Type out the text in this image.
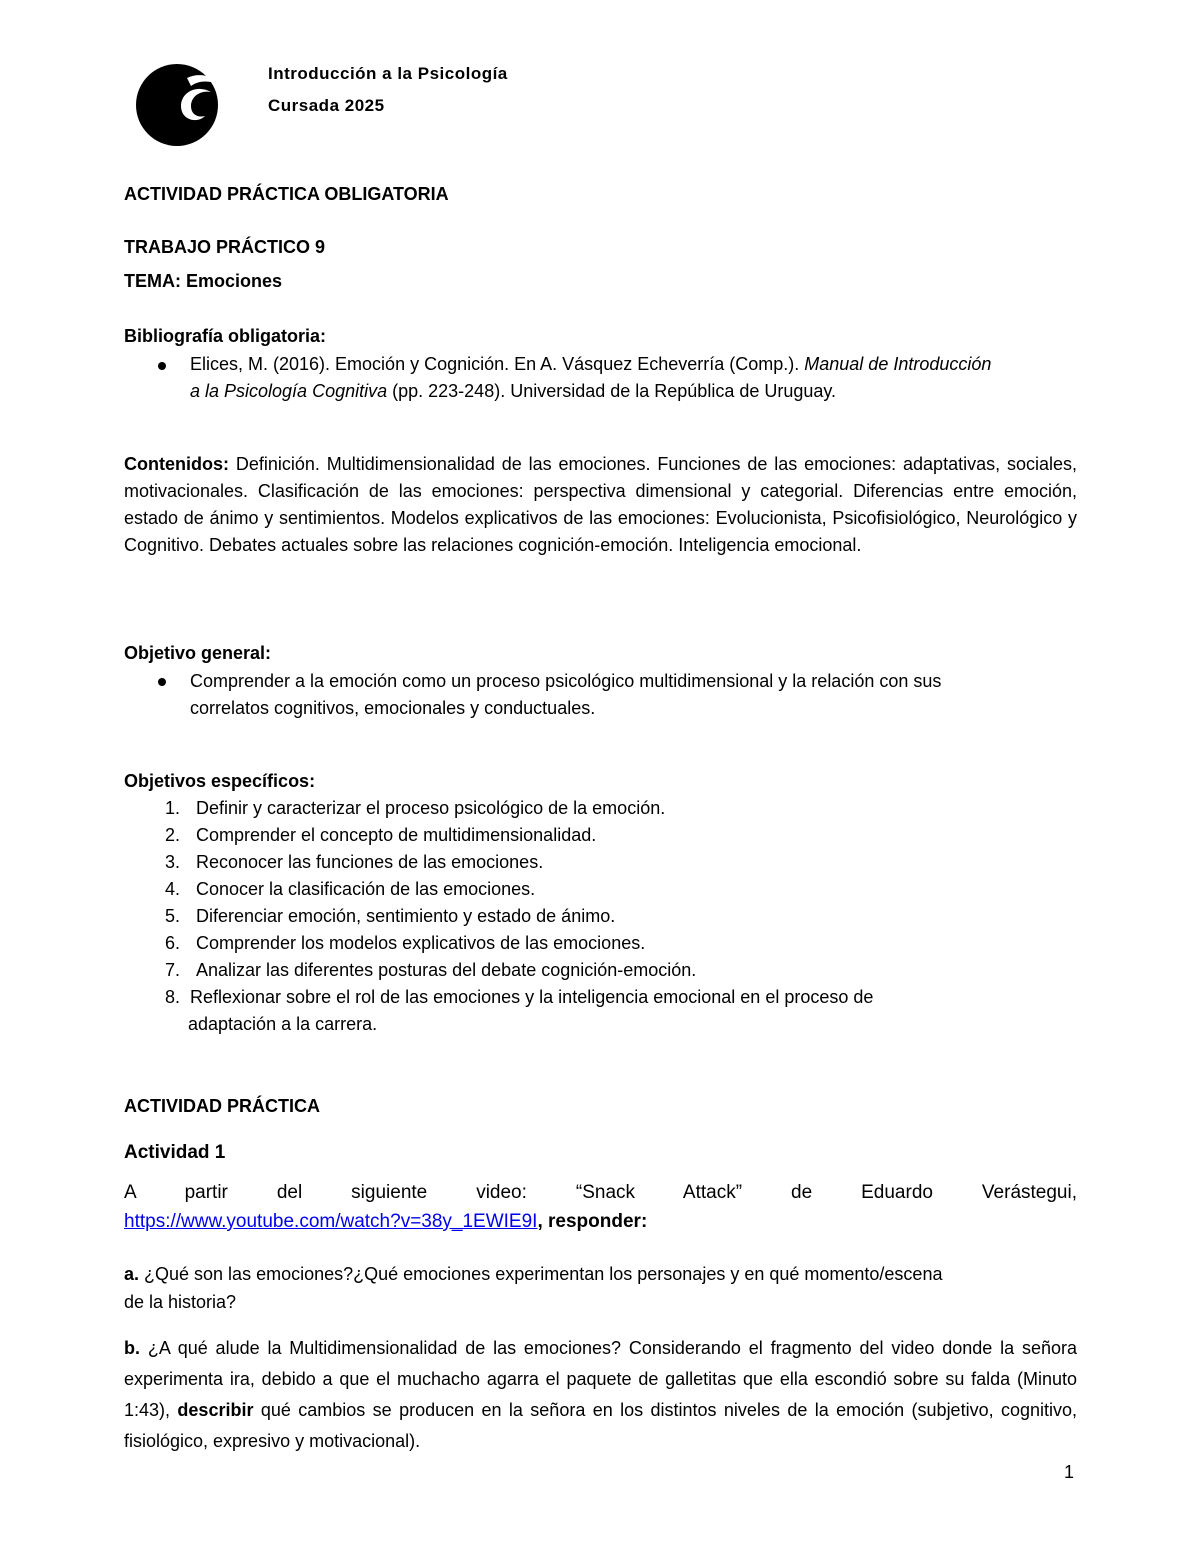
Introducción a la Psicología
Cursada 2025
ACTIVIDAD PRÁCTICA OBLIGATORIA
TRABAJO PRÁCTICO 9
TEMA: Emociones
Bibliografía obligatoria:
Elices, M. (2016). Emoción y Cognición. En A. Vásquez Echeverría (Comp.). Manual de Introducción
a la Psicología Cognitiva (pp. 223-248). Universidad de la República de Uruguay.
Contenidos: Definición. Multidimensionalidad de las emociones. Funciones de las emociones: adaptativas, sociales, motivacionales. Clasificación de las emociones: perspectiva dimensional y categorial. Diferencias entre emoción, estado de ánimo y sentimientos. Modelos explicativos de las emociones: Evolucionista, Psicofisiológico, Neurológico y Cognitivo. Debates actuales sobre las relaciones cognición-emoción. Inteligencia emocional.
Objetivo general:
Comprender a la emoción como un proceso psicológico multidimensional y la relación con sus
correlatos cognitivos, emocionales y conductuales.
Objetivos específicos:
1. Definir y caracterizar el proceso psicológico de la emoción.
2. Comprender el concepto de multidimensionalidad.
3. Reconocer las funciones de las emociones.
4. Conocer la clasificación de las emociones.
5. Diferenciar emoción, sentimiento y estado de ánimo.
6. Comprender los modelos explicativos de las emociones.
7. Analizar las diferentes posturas del debate cognición-emoción.
8. Reflexionar sobre el rol de las emociones y la inteligencia emocional en el proceso de
adaptación a la carrera.
ACTIVIDAD PRÁCTICA
Actividad 1
A partir del siguiente video: “Snack Attack” de Eduardo Verástegui,
https://www.youtube.com/watch?v=38y_1EWIE9I, responder:
a. ¿Qué son las emociones?¿Qué emociones experimentan los personajes y en qué momento/escena
de la historia?
b. ¿A qué alude la Multidimensionalidad de las emociones? Considerando el fragmento del video donde la señora experimenta ira, debido a que el muchacho agarra el paquete de galletitas que ella escondió sobre su falda (Minuto 1:43), describir qué cambios se producen en la señora en los distintos niveles de la emoción (subjetivo, cognitivo, fisiológico, expresivo y motivacional).
1
